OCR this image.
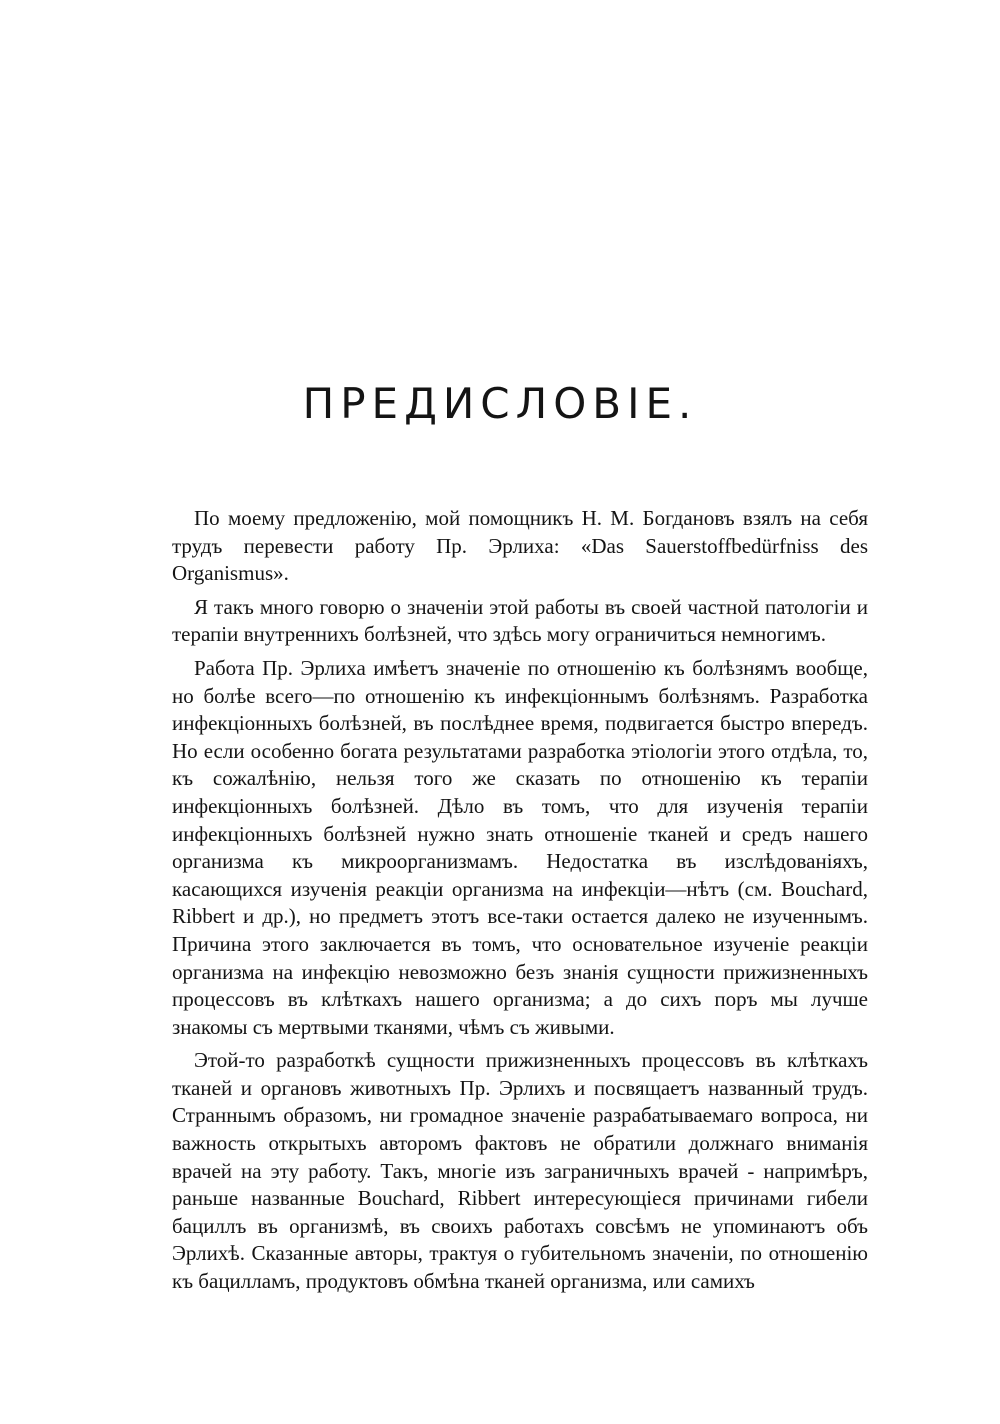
ПРЕДИСЛОВІЕ.

По моему предложенію, мой помощникъ Н. М. Богдановъ взялъ на себя трудъ перевести работу Пр. Эрлиха: «Das Sauerstoffbedürfniss des Organismus».

Я такъ много говорю о значеніи этой работы въ своей частной патологіи и терапіи внутреннихъ болѣзней, что здѣсь могу ограничиться немногимъ.

Работа Пр. Эрлиха имѣетъ значеніе по отношенію къ болѣзнямъ вообще, но болѣе всего—по отношенію къ инфекціоннымъ болѣзнямъ. Разработка инфекціонныхъ болѣзней, въ послѣднее время, подвигается быстро впередъ. Но если особенно богата результатами разработка этіологіи этого отдѣла, то, къ сожалѣнію, нельзя того же сказать по отношенію къ терапіи инфекціонныхъ болѣзней. Дѣло въ томъ, что для изученія терапіи инфекціонныхъ болѣзней нужно знать отношеніе тканей и средъ нашего организма къ микроорганизмамъ. Недостатка въ изслѣдованіяхъ, касающихся изученія реакціи организма на инфекціи—нѣтъ (см. Bouchard, Ribbert и др.), но предметъ этотъ все-таки остается далеко не изученнымъ. Причина этого заключается въ томъ, что основательное изученіе реакціи организма на инфекцію невозможно безъ знанія сущности прижизненныхъ процессовъ въ клѣткахъ нашего организма; а до сихъ поръ мы лучше знакомы съ мертвыми тканями, чѣмъ съ живыми.

Этой-то разработкѣ сущности прижизненныхъ процессовъ въ клѣткахъ тканей и органовъ животныхъ Пр. Эрлихъ и посвящаетъ названный трудъ. Страннымъ образомъ, ни громадное значеніе разрабатываемаго вопроса, ни важность открытыхъ авторомъ фактовъ не обратили должнаго вниманія врачей на эту работу. Такъ, многіе изъ заграничныхъ врачей - напримѣръ, раньше названные Bouchard, Ribbert интересующіеся причинами гибели бациллъ въ организмѣ, въ своихъ работахъ совсѣмъ не упоминаютъ объ Эрлихѣ. Сказанные авторы, трактуя о губительномъ значеніи, по отношенію къ бацилламъ, продуктовъ обмѣна тканей организма, или самихъ
